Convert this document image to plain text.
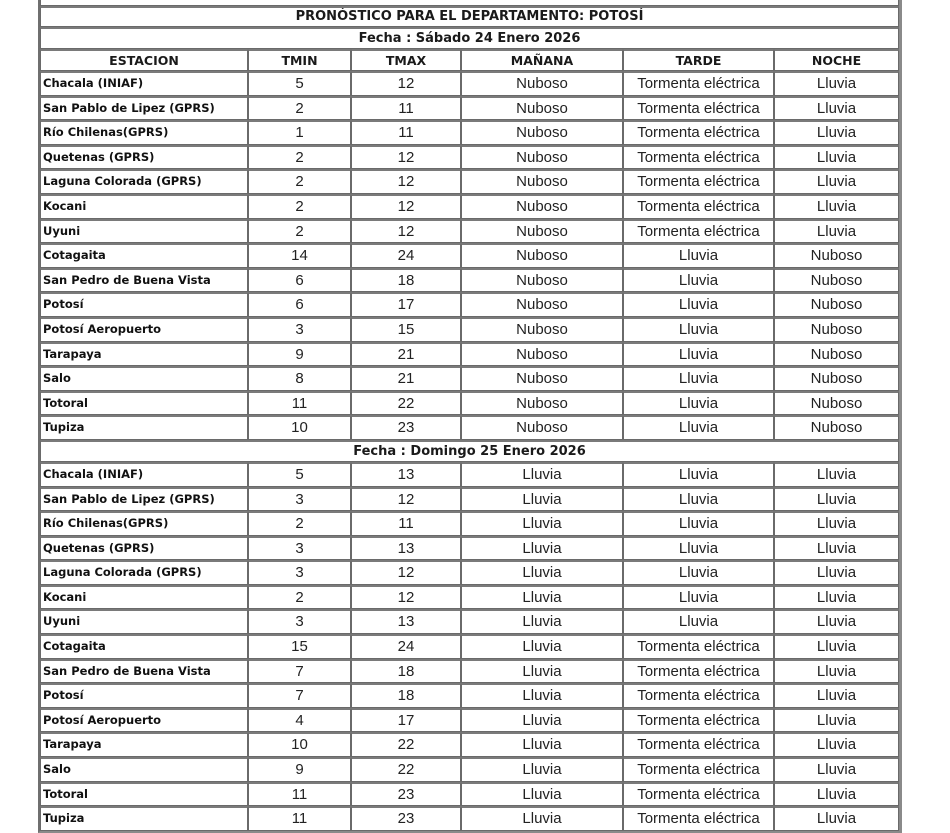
PRONÓSTICO PARA EL DEPARTAMENTO: POTOSÍ					
Fecha : Sábado 24 Enero 2026					
ESTACION	TMIN	TMAX	MAÑANA	TARDE	NOCHE
Chacala (INIAF)	5	12	Nuboso	Tormenta eléctrica	Lluvia
San Pablo de Lipez (GPRS)	2	11	Nuboso	Tormenta eléctrica	Lluvia
Río Chilenas(GPRS)	1	11	Nuboso	Tormenta eléctrica	Lluvia
Quetenas (GPRS)	2	12	Nuboso	Tormenta eléctrica	Lluvia
Laguna Colorada (GPRS)	2	12	Nuboso	Tormenta eléctrica	Lluvia
Kocani	2	12	Nuboso	Tormenta eléctrica	Lluvia
Uyuni	2	12	Nuboso	Tormenta eléctrica	Lluvia
Cotagaita	14	24	Nuboso	Lluvia	Nuboso
San Pedro de Buena Vista	6	18	Nuboso	Lluvia	Nuboso
Potosí	6	17	Nuboso	Lluvia	Nuboso
Potosí Aeropuerto	3	15	Nuboso	Lluvia	Nuboso
Tarapaya	9	21	Nuboso	Lluvia	Nuboso
Salo	8	21	Nuboso	Lluvia	Nuboso
Totoral	11	22	Nuboso	Lluvia	Nuboso
Tupiza	10	23	Nuboso	Lluvia	Nuboso
Fecha : Domingo 25 Enero 2026					
Chacala (INIAF)	5	13	Lluvia	Lluvia	Lluvia
San Pablo de Lipez (GPRS)	3	12	Lluvia	Lluvia	Lluvia
Río Chilenas(GPRS)	2	11	Lluvia	Lluvia	Lluvia
Quetenas (GPRS)	3	13	Lluvia	Lluvia	Lluvia
Laguna Colorada (GPRS)	3	12	Lluvia	Lluvia	Lluvia
Kocani	2	12	Lluvia	Lluvia	Lluvia
Uyuni	3	13	Lluvia	Lluvia	Lluvia
Cotagaita	15	24	Lluvia	Tormenta eléctrica	Lluvia
San Pedro de Buena Vista	7	18	Lluvia	Tormenta eléctrica	Lluvia
Potosí	7	18	Lluvia	Tormenta eléctrica	Lluvia
Potosí Aeropuerto	4	17	Lluvia	Tormenta eléctrica	Lluvia
Tarapaya	10	22	Lluvia	Tormenta eléctrica	Lluvia
Salo	9	22	Lluvia	Tormenta eléctrica	Lluvia
Totoral	11	23	Lluvia	Tormenta eléctrica	Lluvia
Tupiza	11	23	Lluvia	Tormenta eléctrica	Lluvia
